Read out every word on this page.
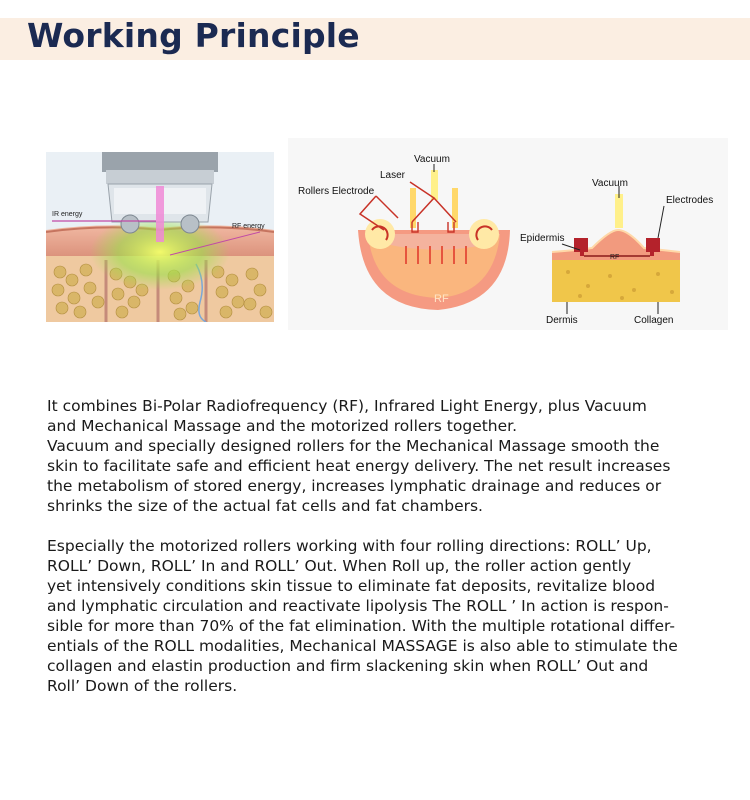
Working Principle
IR energy
RF energy
RF
Vacuum
Laser
Rollers Electrode
RF
Vacuum
Electrodes
Epidermis
Dermis	Collagen

It combines Bi-Polar Radiofrequency (RF), Infrared Light Energy, plus Vacuum
and Mechanical Massage and the motorized rollers together.
Vacuum and specially designed rollers for the Mechanical Massage smooth the
skin to facilitate safe and efficient heat energy delivery. The net result increases
the metabolism of stored energy, increases lymphatic drainage and reduces or
shrinks the size of the actual fat cells and fat chambers.

Especially the motorized rollers working with four rolling directions: ROLL’ Up,
ROLL’ Down, ROLL’ In and ROLL’ Out. When Roll up, the roller action gently
yet intensively conditions skin tissue to eliminate fat deposits, revitalize blood
and lymphatic circulation and reactivate lipolysis The ROLL ’ In action is respon-
sible for more than 70% of the fat elimination. With the multiple rotational differ-
entials of the ROLL modalities, Mechanical MASSAGE is also able to stimulate the
collagen and elastin production and firm slackening skin when ROLL’ Out and
Roll’ Down of the rollers.
